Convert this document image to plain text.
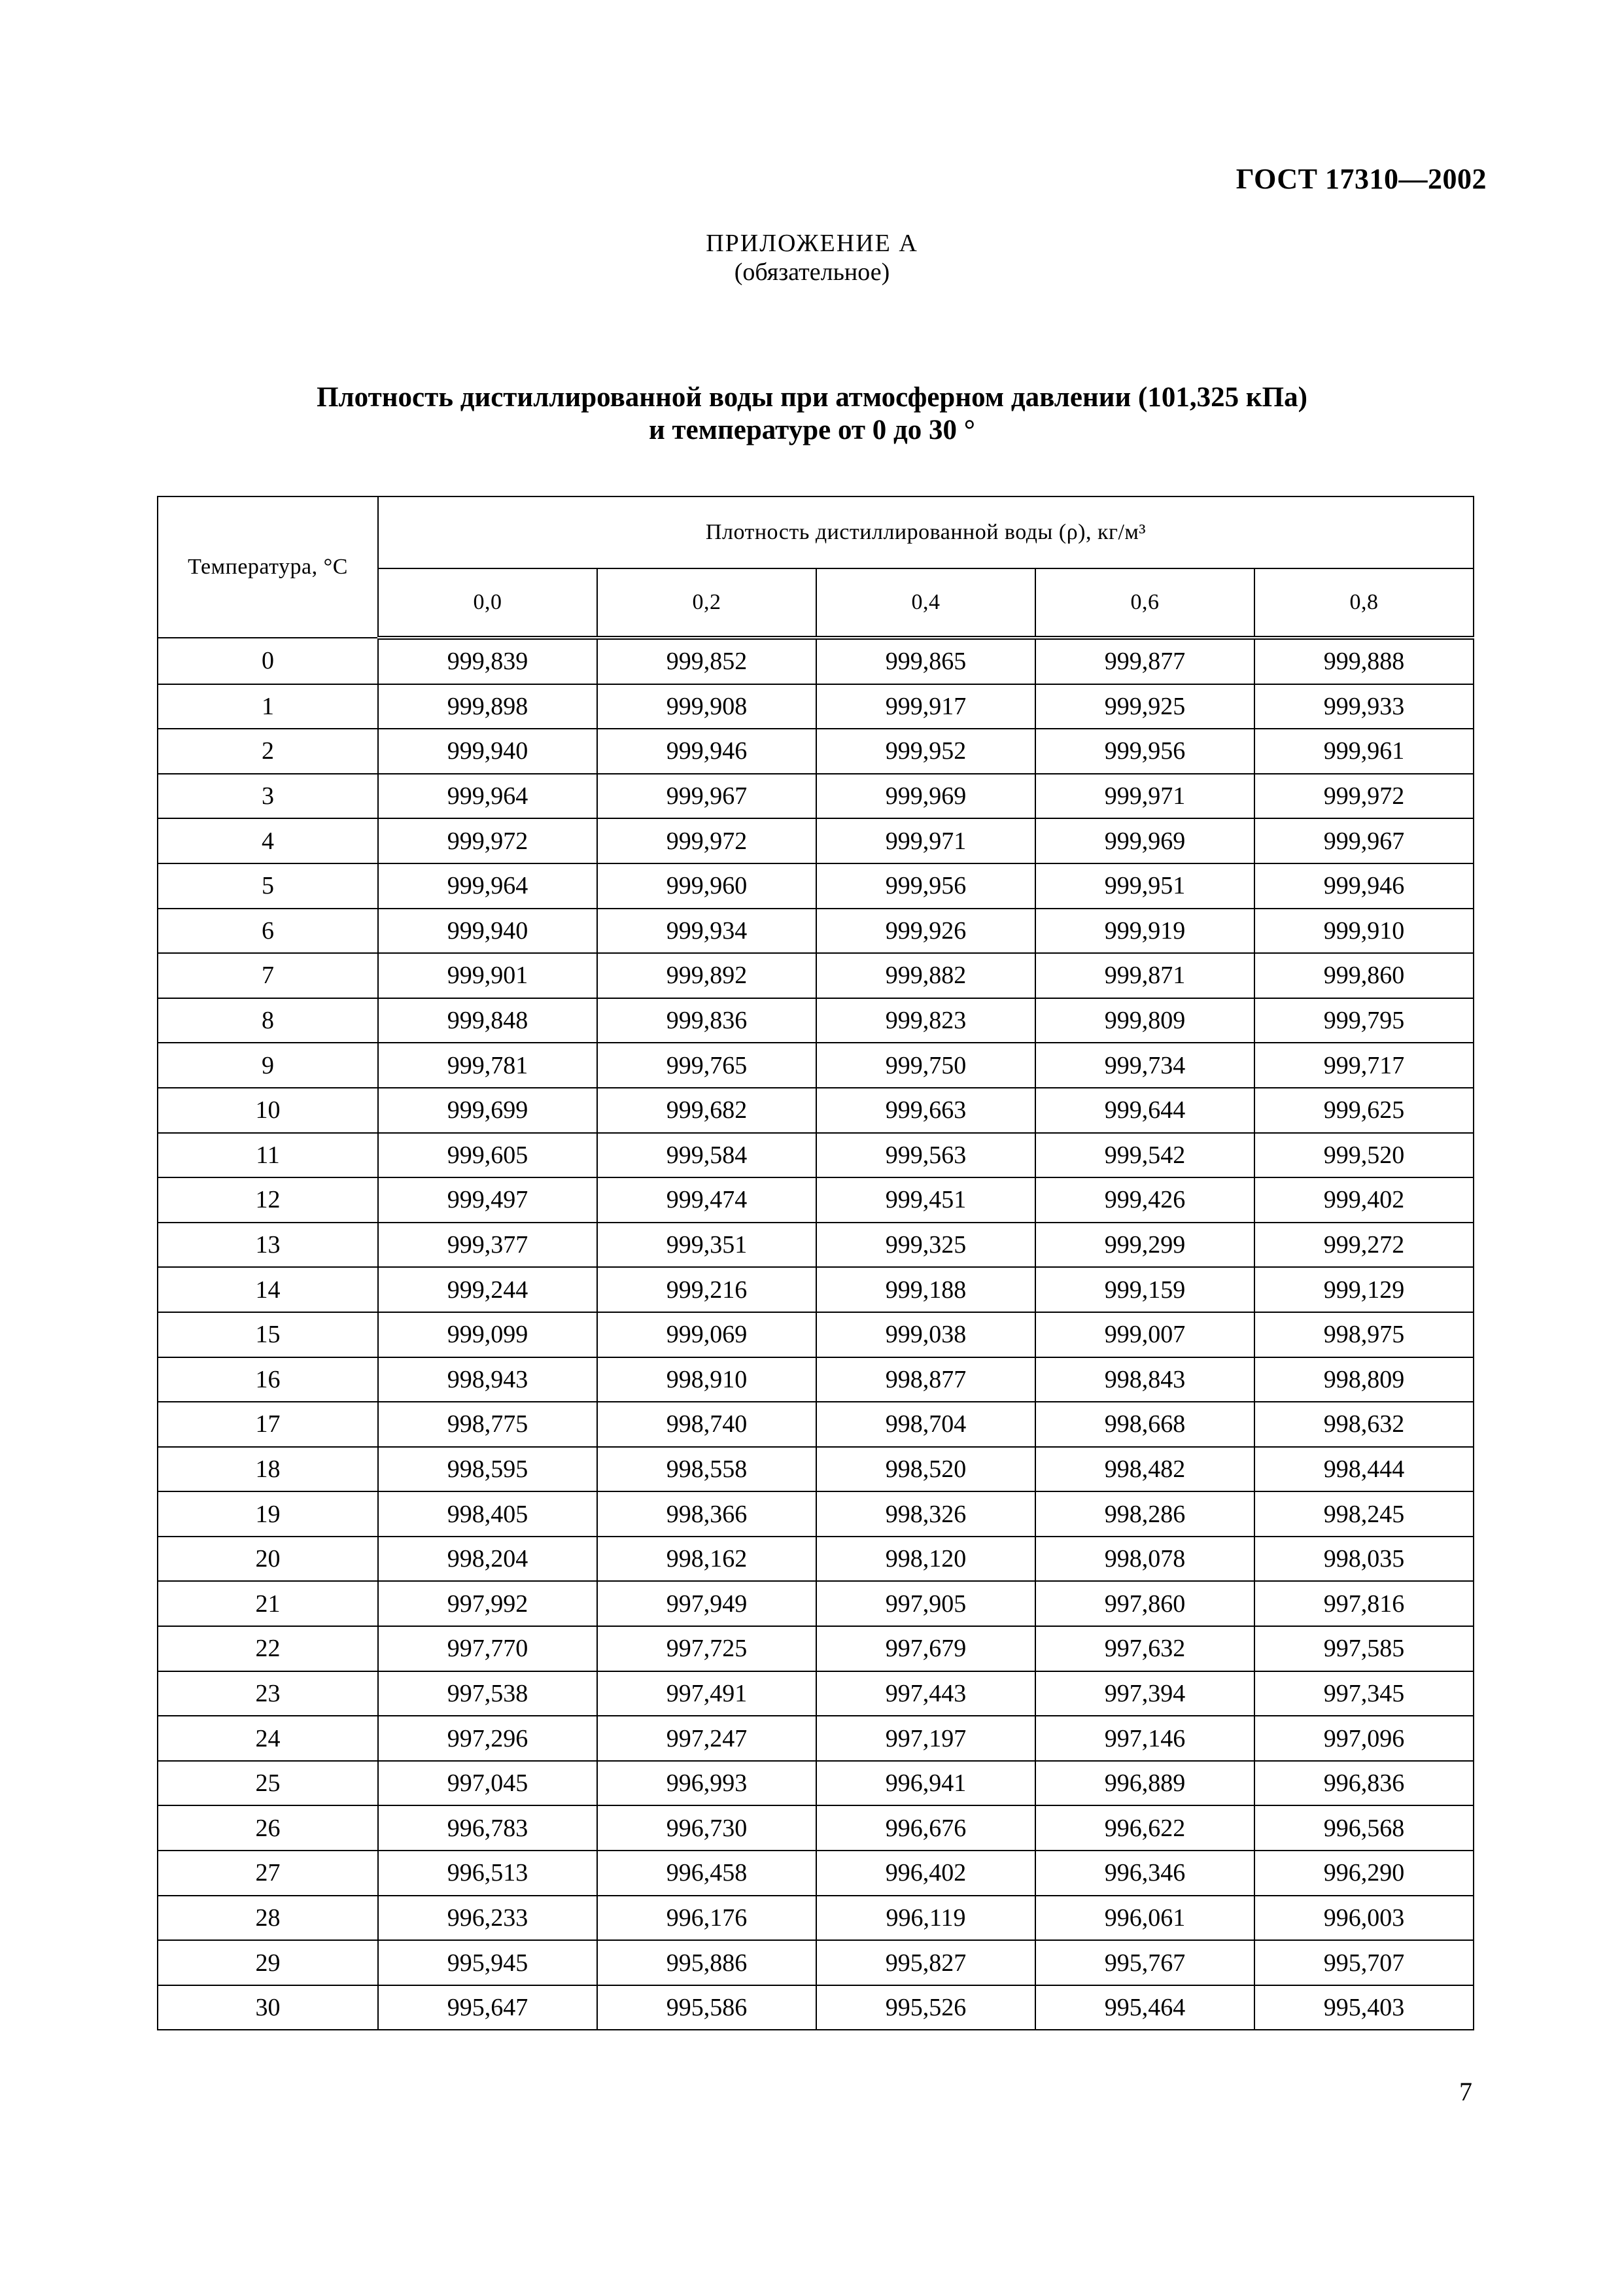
ГОСТ 17310—2002
ПРИЛОЖЕНИЕ А
(обязательное)
Плотность дистиллированной воды при атмосферном давлении (101,325 кПа)
и температуре от 0 до 30 °
Температура, °С	Плотность дистиллированной воды (ρ), кг/м³				
	0,0	0,2	0,4	0,6	0,8
0	999,839	999,852	999,865	999,877	999,888
1	999,898	999,908	999,917	999,925	999,933
2	999,940	999,946	999,952	999,956	999,961
3	999,964	999,967	999,969	999,971	999,972
4	999,972	999,972	999,971	999,969	999,967
5	999,964	999,960	999,956	999,951	999,946
6	999,940	999,934	999,926	999,919	999,910
7	999,901	999,892	999,882	999,871	999,860
8	999,848	999,836	999,823	999,809	999,795
9	999,781	999,765	999,750	999,734	999,717
10	999,699	999,682	999,663	999,644	999,625
11	999,605	999,584	999,563	999,542	999,520
12	999,497	999,474	999,451	999,426	999,402
13	999,377	999,351	999,325	999,299	999,272
14	999,244	999,216	999,188	999,159	999,129
15	999,099	999,069	999,038	999,007	998,975
16	998,943	998,910	998,877	998,843	998,809
17	998,775	998,740	998,704	998,668	998,632
18	998,595	998,558	998,520	998,482	998,444
19	998,405	998,366	998,326	998,286	998,245
20	998,204	998,162	998,120	998,078	998,035
21	997,992	997,949	997,905	997,860	997,816
22	997,770	997,725	997,679	997,632	997,585
23	997,538	997,491	997,443	997,394	997,345
24	997,296	997,247	997,197	997,146	997,096
25	997,045	996,993	996,941	996,889	996,836
26	996,783	996,730	996,676	996,622	996,568
27	996,513	996,458	996,402	996,346	996,290
28	996,233	996,176	996,119	996,061	996,003
29	995,945	995,886	995,827	995,767	995,707
30	995,647	995,586	995,526	995,464	995,403
7
